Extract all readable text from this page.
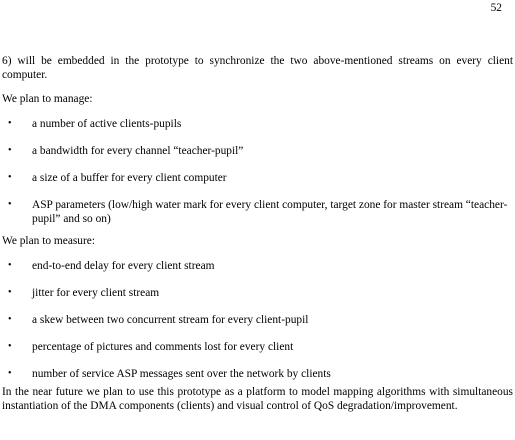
52

6) will be embedded in the prototype to synchronize the two above-mentioned streams on every client computer.

We plan to manage:

• a number of active clients-pupils
• a bandwidth for every channel “teacher-pupil”
• a size of a buffer for every client computer
• ASP parameters (low/high water mark for every client computer, target zone for master stream “teacher-pupil” and so on)

We plan to measure:

• end-to-end delay for every client stream
• jitter for every client stream
• a skew between two concurrent stream for every client-pupil
• percentage of pictures and comments lost for every client
• number of service ASP messages sent over the network by clients

In the near future we plan to use this prototype as a platform to model mapping algorithms with simultaneous instantiation of the DMA components (clients) and visual control of QoS degradation/improvement.
